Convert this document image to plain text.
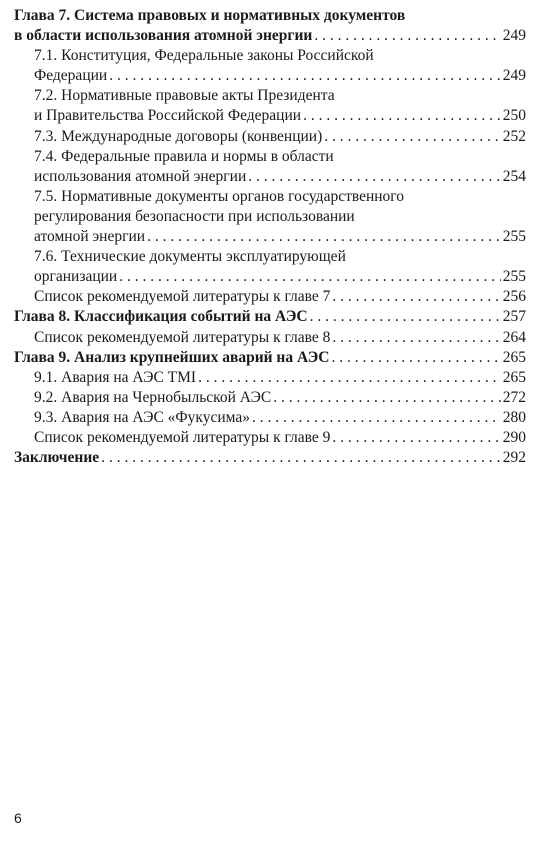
Глава 7. Система правовых и нормативных документов
в области использования атомной энергии . . .	249
7.1. Конституция, Федеральные законы Российской
Федерации . . .	249
7.2. Нормативные правовые акты Президента
и Правительства Российской Федерации . . .	250
7.3. Международные договоры (конвенции) . . .	252
7.4. Федеральные правила и нормы в области
использования атомной энергии . . .	254
7.5. Нормативные документы органов государственного
регулирования безопасности при использовании
атомной энергии . . .	255
7.6. Технические документы эксплуатирующей
организации . . .	255
Список рекомендуемой литературы к главе 7 . . .	256
Глава 8. Классификация событий на АЭС . . .	257
Список рекомендуемой литературы к главе 8 . . .	264
Глава 9. Анализ крупнейших аварий на АЭС . . .	265
9.1. Авария на АЭС TMI . . .	265
9.2. Авария на Чернобыльской АЭС . . .	272
9.3. Авария на АЭС «Фукусима» . . .	280
Список рекомендуемой литературы к главе 9 . . .	290
Заключение . . .	292
6
